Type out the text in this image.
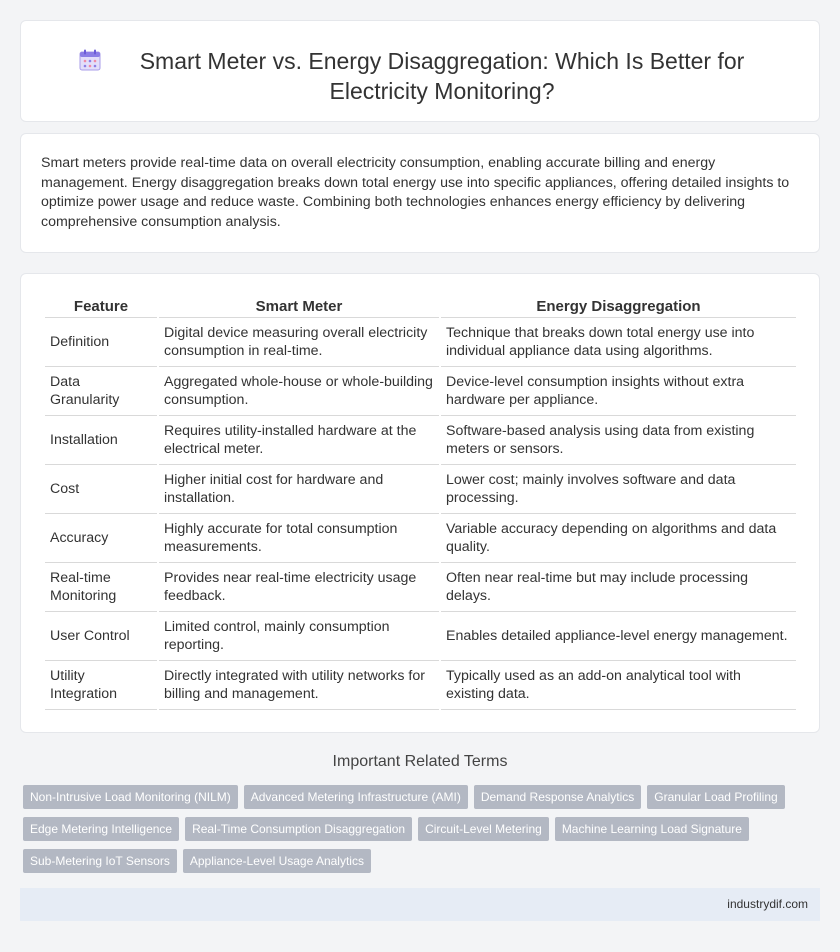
Smart Meter vs. Energy Disaggregation: Which Is Better for Electricity Monitoring?

Smart meters provide real-time data on overall electricity consumption, enabling accurate billing and energy management. Energy disaggregation breaks down total energy use into specific appliances, offering detailed insights to optimize power usage and reduce waste. Combining both technologies enhances energy efficiency by delivering comprehensive consumption analysis.

Feature	Smart Meter	Energy Disaggregation
Definition	Digital device measuring overall electricity consumption in real-time.	Technique that breaks down total energy use into individual appliance data using algorithms.
Data Granularity	Aggregated whole-house or whole-building consumption.	Device-level consumption insights without extra hardware per appliance.
Installation	Requires utility-installed hardware at the electrical meter.	Software-based analysis using data from existing meters or sensors.
Cost	Higher initial cost for hardware and installation.	Lower cost; mainly involves software and data processing.
Accuracy	Highly accurate for total consumption measurements.	Variable accuracy depending on algorithms and data quality.
Real-time Monitoring	Provides near real-time electricity usage feedback.	Often near real-time but may include processing delays.
User Control	Limited control, mainly consumption reporting.	Enables detailed appliance-level energy management.
Utility Integration	Directly integrated with utility networks for billing and management.	Typically used as an add-on analytical tool with existing data.
Important Related Terms
Non-Intrusive Load Monitoring (NILM)	Advanced Metering Infrastructure (AMI)	Demand Response Analytics	Granular Load Profiling
Edge Metering Intelligence	Real-Time Consumption Disaggregation	Circuit-Level Metering	Machine Learning Load Signature
Sub-Metering IoT Sensors	Appliance-Level Usage Analytics
industrydif.com
